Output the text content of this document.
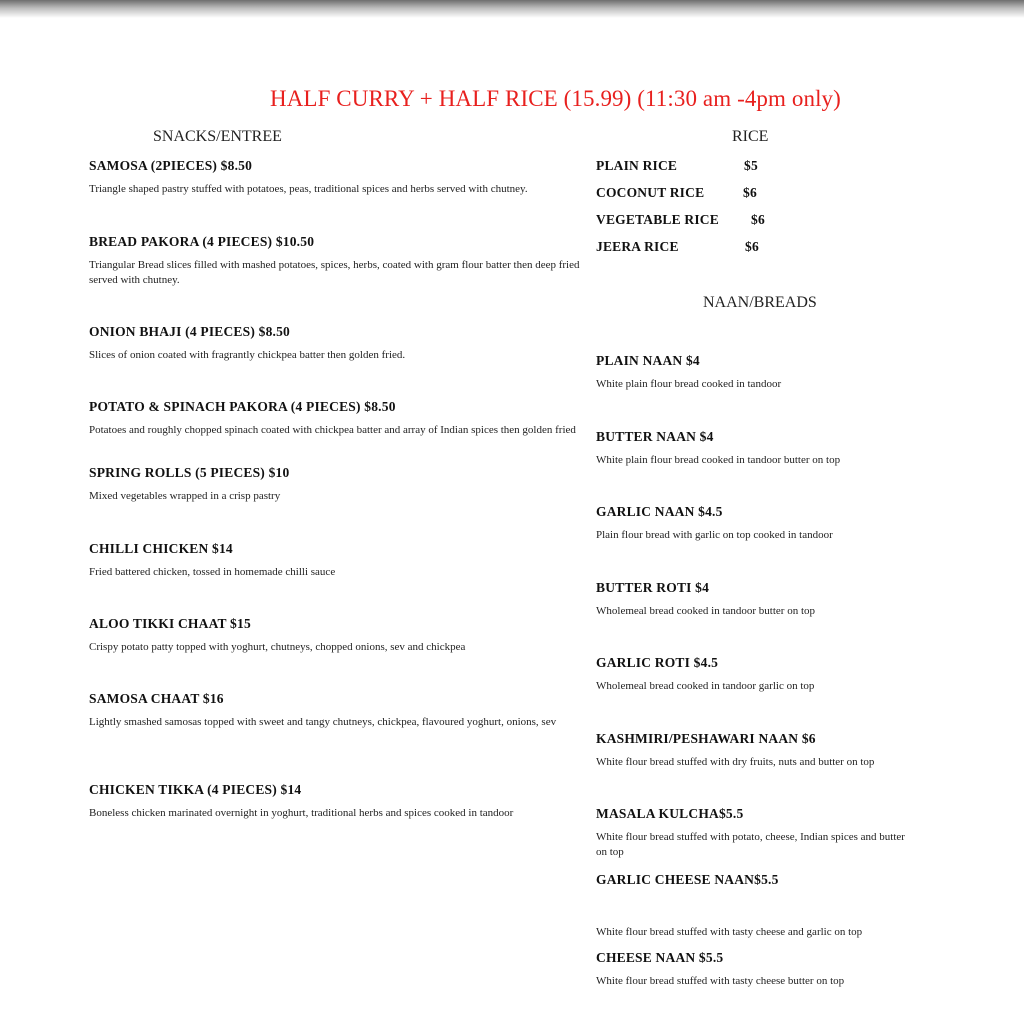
HALF CURRY + HALF RICE (15.99) (11:30 am -4pm only)
SNACKS/ENTREE	RICE
NAAN/BREADS
SAMOSA (2PIECES) $8.50
Triangle shaped pastry stuffed with potatoes, peas, traditional spices and herbs served with chutney.
BREAD PAKORA (4 PIECES) $10.50
Triangular Bread slices filled with mashed potatoes, spices, herbs, coated with gram flour batter then deep fried served with chutney.
ONION BHAJI (4 PIECES) $8.50
Slices of onion coated with fragrantly chickpea batter then golden fried.
POTATO & SPINACH PAKORA (4 PIECES) $8.50
Potatoes and roughly chopped spinach coated with chickpea batter and array of Indian spices then golden fried
SPRING ROLLS (5 PIECES) $10
Mixed vegetables wrapped in a crisp pastry
CHILLI CHICKEN $14
Fried battered chicken, tossed in homemade chilli sauce
ALOO TIKKI CHAAT $15
Crispy potato patty topped with yoghurt, chutneys, chopped onions, sev and chickpea
SAMOSA CHAAT $16
Lightly smashed samosas topped with sweet and tangy chutneys, chickpea, flavoured yoghurt, onions, sev
CHICKEN TIKKA (4 PIECES) $14
Boneless chicken marinated overnight in yoghurt, traditional herbs and spices cooked in tandoor
PLAIN RICE	$5
COCONUT RICE	$6
VEGETABLE RICE $6
JEERA RICE	$6
PLAIN NAAN $4
White plain flour bread cooked in tandoor
BUTTER NAAN $4
White plain flour bread cooked in tandoor butter on top
GARLIC NAAN $4.5
Plain flour bread with garlic on top cooked in tandoor
BUTTER ROTI $4
Wholemeal bread cooked in tandoor butter on top
GARLIC ROTI $4.5
Wholemeal bread cooked in tandoor garlic on top
KASHMIRI/PESHAWARI NAAN $6
White flour bread stuffed with dry fruits, nuts and butter on top
MASALA KULCHA$5.5
White flour bread stuffed with potato, cheese, Indian spices and butter on top
GARLIC CHEESE NAAN$5.5
White flour bread stuffed with tasty cheese and garlic on top
CHEESE NAAN $5.5
White flour bread stuffed with tasty cheese butter on top
